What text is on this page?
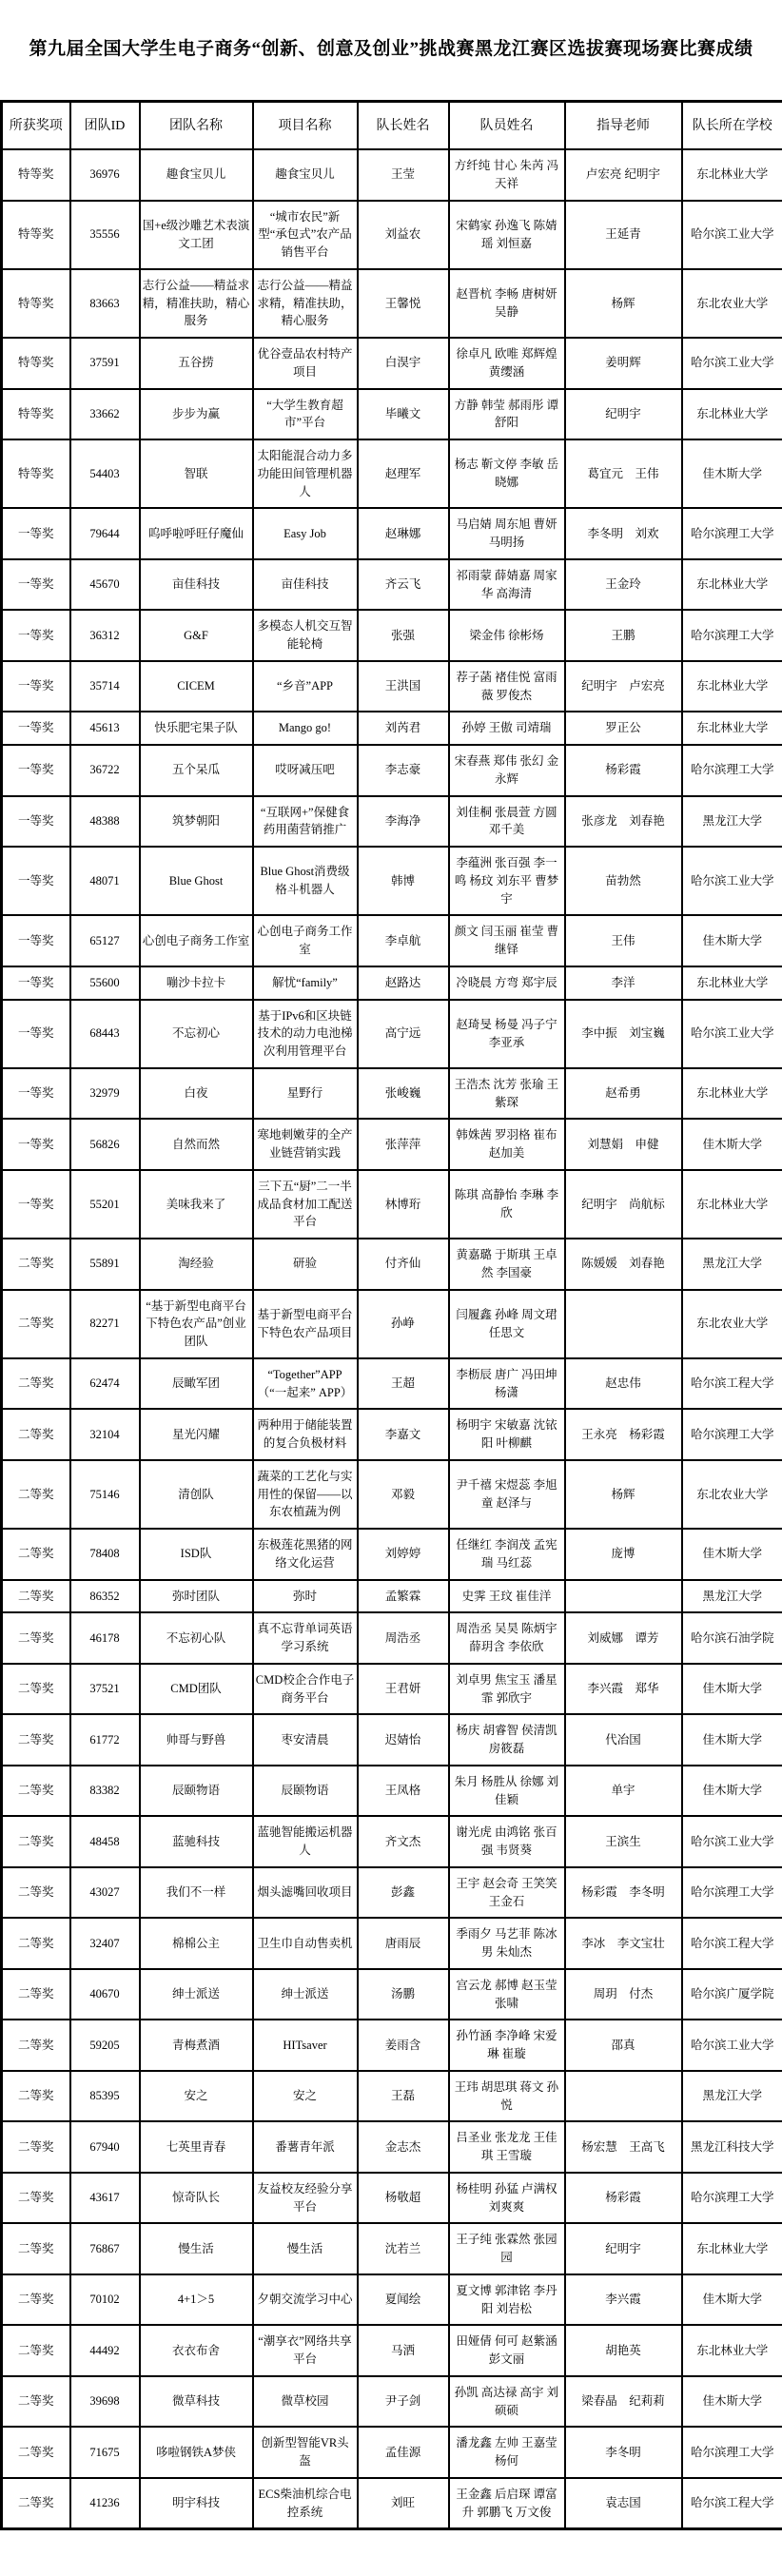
第九届全国大学生电子商务“创新、创意及创业”挑战赛黑龙江赛区选拔赛现场赛比赛成绩
所获奖项	团队ID	团队名称	项目名称	队长姓名	队员姓名	指导老师	队长所在学校
特等奖	36976	趣食宝贝儿	趣食宝贝儿	王莹	方纤纯 甘心 朱芮 冯天祥	卢宏亮 纪明宇	东北林业大学
特等奖	35556	国+e级沙雕艺术表演文工团	“城市农民”新型“承包式”农产品销售平台	刘益农	宋鹤家 孙逸飞 陈婧瑶 刘恒嘉	王延青	哈尔滨工业大学
特等奖	83663	志行公益——精益求精，精准扶助，精心服务	志行公益——精益求精，精准扶助，精心服务	王馨悦	赵晋杭 李畅 唐树妍 吴静	杨辉	东北农业大学
特等奖	37591	五谷捞	优谷壹品农村特产项目	白淏宇	徐卓凡 欧唯 郑辉煌 黄缨涵	姜明辉	哈尔滨工业大学
特等奖	33662	步步为赢	“大学生教育超市”平台	毕曦文	方静 韩莹 郝雨彤 谭舒阳	纪明宇	东北林业大学
特等奖	54403	智联	太阳能混合动力多功能田间管理机器人	赵理军	杨志 靳文停 李敏 岳晓娜	葛宜元　王伟	佳木斯大学
一等奖	79644	呜呼啦呼旺仔魔仙	Easy Job	赵琳娜	马启婧 周东旭 曹妍 马明扬	李冬明　刘欢	哈尔滨理工大学
一等奖	45670	亩佳科技	亩佳科技	齐云飞	祁雨蒙 薛婧嘉 周家华 高海清	王金玲	东北林业大学
一等奖	36312	G&F	多模态人机交互智能轮椅	张强	梁金伟 徐彬炀	王鹏	哈尔滨理工大学
一等奖	35714	CICEM	“乡音”APP	王洪国	荐子菡 褚佳悦 富雨薇 罗俊杰	纪明宇　卢宏亮	东北林业大学
一等奖	45613	快乐肥宅果子队	Mango go!	刘芮君	孙婷 王傲 司靖瑞	罗正公	东北林业大学
一等奖	36722	五个呆瓜	哎呀减压吧	李志豪	宋春燕 郑伟 张幻 金永辉	杨彩霞	哈尔滨理工大学
一等奖	48388	筑梦朝阳	“互联网+”保健食药用菌营销推广	李海净	刘佳桐 张晨萱 方圆 邓千美	张彦龙　刘春艳	黑龙江大学
一等奖	48071	Blue Ghost	Blue Ghost消费级格斗机器人	韩博	李蕴洲 张百强 李一鸣 杨玟 刘东平 曹梦宇	苗勃然	哈尔滨工业大学
一等奖	65127	心创电子商务工作室	心创电子商务工作室	李卓航	颜文 闫玉丽 崔莹 曹继铎	王伟	佳木斯大学
一等奖	55600	嘣沙卡拉卡	解忧“family”	赵路达	冷晓晨 方弯 郑宇辰	李洋	东北林业大学
一等奖	68443	不忘初心	基于IPv6和区块链技术的动力电池梯次利用管理平台	高宁远	赵琦旻 杨曼 冯子宁 李亚承	李中振　刘宝巍	哈尔滨工业大学
一等奖	32979	白夜	星野行	张峻巍	王浩杰 沈芳 张瑜 王紫琛	赵希勇	东北林业大学
一等奖	56826	自然而然	寒地刺嫩芽的全产业链营销实践	张萍萍	韩姝茜 罗羽格 崔布 赵加美	刘慧娟　申健	佳木斯大学
一等奖	55201	美味我来了	三下五“厨”二一半成品食材加工配送平台	林博珩	陈琪 高静怡 李琳 李欣	纪明宇　尚航标	东北林业大学
二等奖	55891	淘经验	研验	付齐仙	黄嘉璐 于斯琪 王卓然 李国豪	陈媛媛　刘春艳	黑龙江大学
二等奖	82271	“基于新型电商平台下特色农产品”创业团队	基于新型电商平台下特色农产品项目	孙峥	闫履鑫 孙峰 周文珺 任思文		东北农业大学
二等奖	62474	辰瞰军团	“Together”APP （“一起来” APP）	王超	李枥辰 唐广 冯田坤 杨潇	赵忠伟	哈尔滨工程大学
二等奖	32104	星光闪耀	两种用于储能装置的复合负极材料	李嘉文	杨明宇 宋敏嘉 沈铱阳 叶柳麒	王永亮　杨彩霞	哈尔滨理工大学
二等奖	75146	清创队	蔬菜的工艺化与实用性的保留——以东农植蔬为例	邓毅	尹千禧 宋煜蕊 李旭童 赵泽与	杨辉	东北农业大学
二等奖	78408	ISD队	东极莲花黑猪的网络文化运营	刘婷婷	任继红 李润茂 孟宪瑞 马红蕊	庞博	佳木斯大学
二等奖	86352	弥时团队	弥时	孟繁霖	史霁 王玟 崔佳洋		黑龙江大学
二等奖	46178	不忘初心队	真不忘背单词英语学习系统	周浩丞	周浩丞 吴昊 陈炳宇 薛玥含 李依欣	刘威娜　谭芳	哈尔滨石油学院
二等奖	37521	CMD团队	CMD校企合作电子商务平台	王君妍	刘卓男 焦宝玉 潘星霏 郭欣宇	李兴霞　郑华	佳木斯大学
二等奖	61772	帅哥与野兽	枣安清晨	迟婧怡	杨庆 胡睿智 侯清凯 房筱磊	代冶国	佳木斯大学
二等奖	83382	辰颐物语	辰颐物语	王凤格	朱月 杨胜从 徐娜 刘佳颖	单宇	佳木斯大学
二等奖	48458	蓝驰科技	蓝驰智能搬运机器人	齐文杰	谢光虎 由鸿铭 张百强 韦贤葵	王滨生	哈尔滨工业大学
二等奖	43027	我们不一样	烟头滤嘴回收项目	彭鑫	王宇 赵会奇 王笑笑 王金石	杨彩霞　李冬明	哈尔滨理工大学
二等奖	32407	棉棉公主	卫生巾自动售卖机	唐雨辰	季雨夕 马艺菲 陈冰男 朱灿杰	李冰　李文宝壮	哈尔滨工程大学
二等奖	40670	绅士派送	绅士派送	汤鹏	宫云龙 郝博 赵玉莹 张啸	周玥　付杰	哈尔滨广厦学院
二等奖	59205	青梅煮酒	HITsaver	姜雨含	孙竹涵 李净峰 宋爱琳 崔璇	邵真	哈尔滨工业大学
二等奖	85395	安之	安之	王磊	王玮 胡思琪 蒋文 孙悦		黑龙江大学
二等奖	67940	七英里青春	番薯青年派	金志杰	吕圣业 张龙龙 王佳琪 王雪璇	杨宏慧　王高飞	黑龙江科技大学
二等奖	43617	惊奇队长	友益校友经验分享平台	杨敬超	杨桂明 孙猛 卢满权 刘爽爽	杨彩霞	哈尔滨理工大学
二等奖	76867	慢生活	慢生活	沈若兰	王子纯 张霖然 张园园	纪明宇	东北林业大学
二等奖	70102	4+1＞5	夕朝交流学习中心	夏闻绘	夏文博 郭津铭 李丹阳 刘岩松	李兴霞	佳木斯大学
二等奖	44492	衣衣布舍	“潮享衣”网络共享平台	马洒	田娅倩 何可 赵紫涵 彭文丽	胡艳英	东北林业大学
二等奖	39698	微草科技	微草校园	尹子剑	孙凯 高达禄 高宇 刘硕硕	梁春晶　纪莉莉	佳木斯大学
二等奖	71675	哆啦钢铁A梦侠	创新型智能VR头盔	孟佳源	潘龙鑫 左帅 王嘉莹 杨何	李冬明	哈尔滨理工大学
二等奖	41236	明宇科技	ECS柴油机综合电控系统	刘旺	王金鑫 后启琛 谭富升 郭鹏飞 万文俊	袁志国	哈尔滨工程大学
